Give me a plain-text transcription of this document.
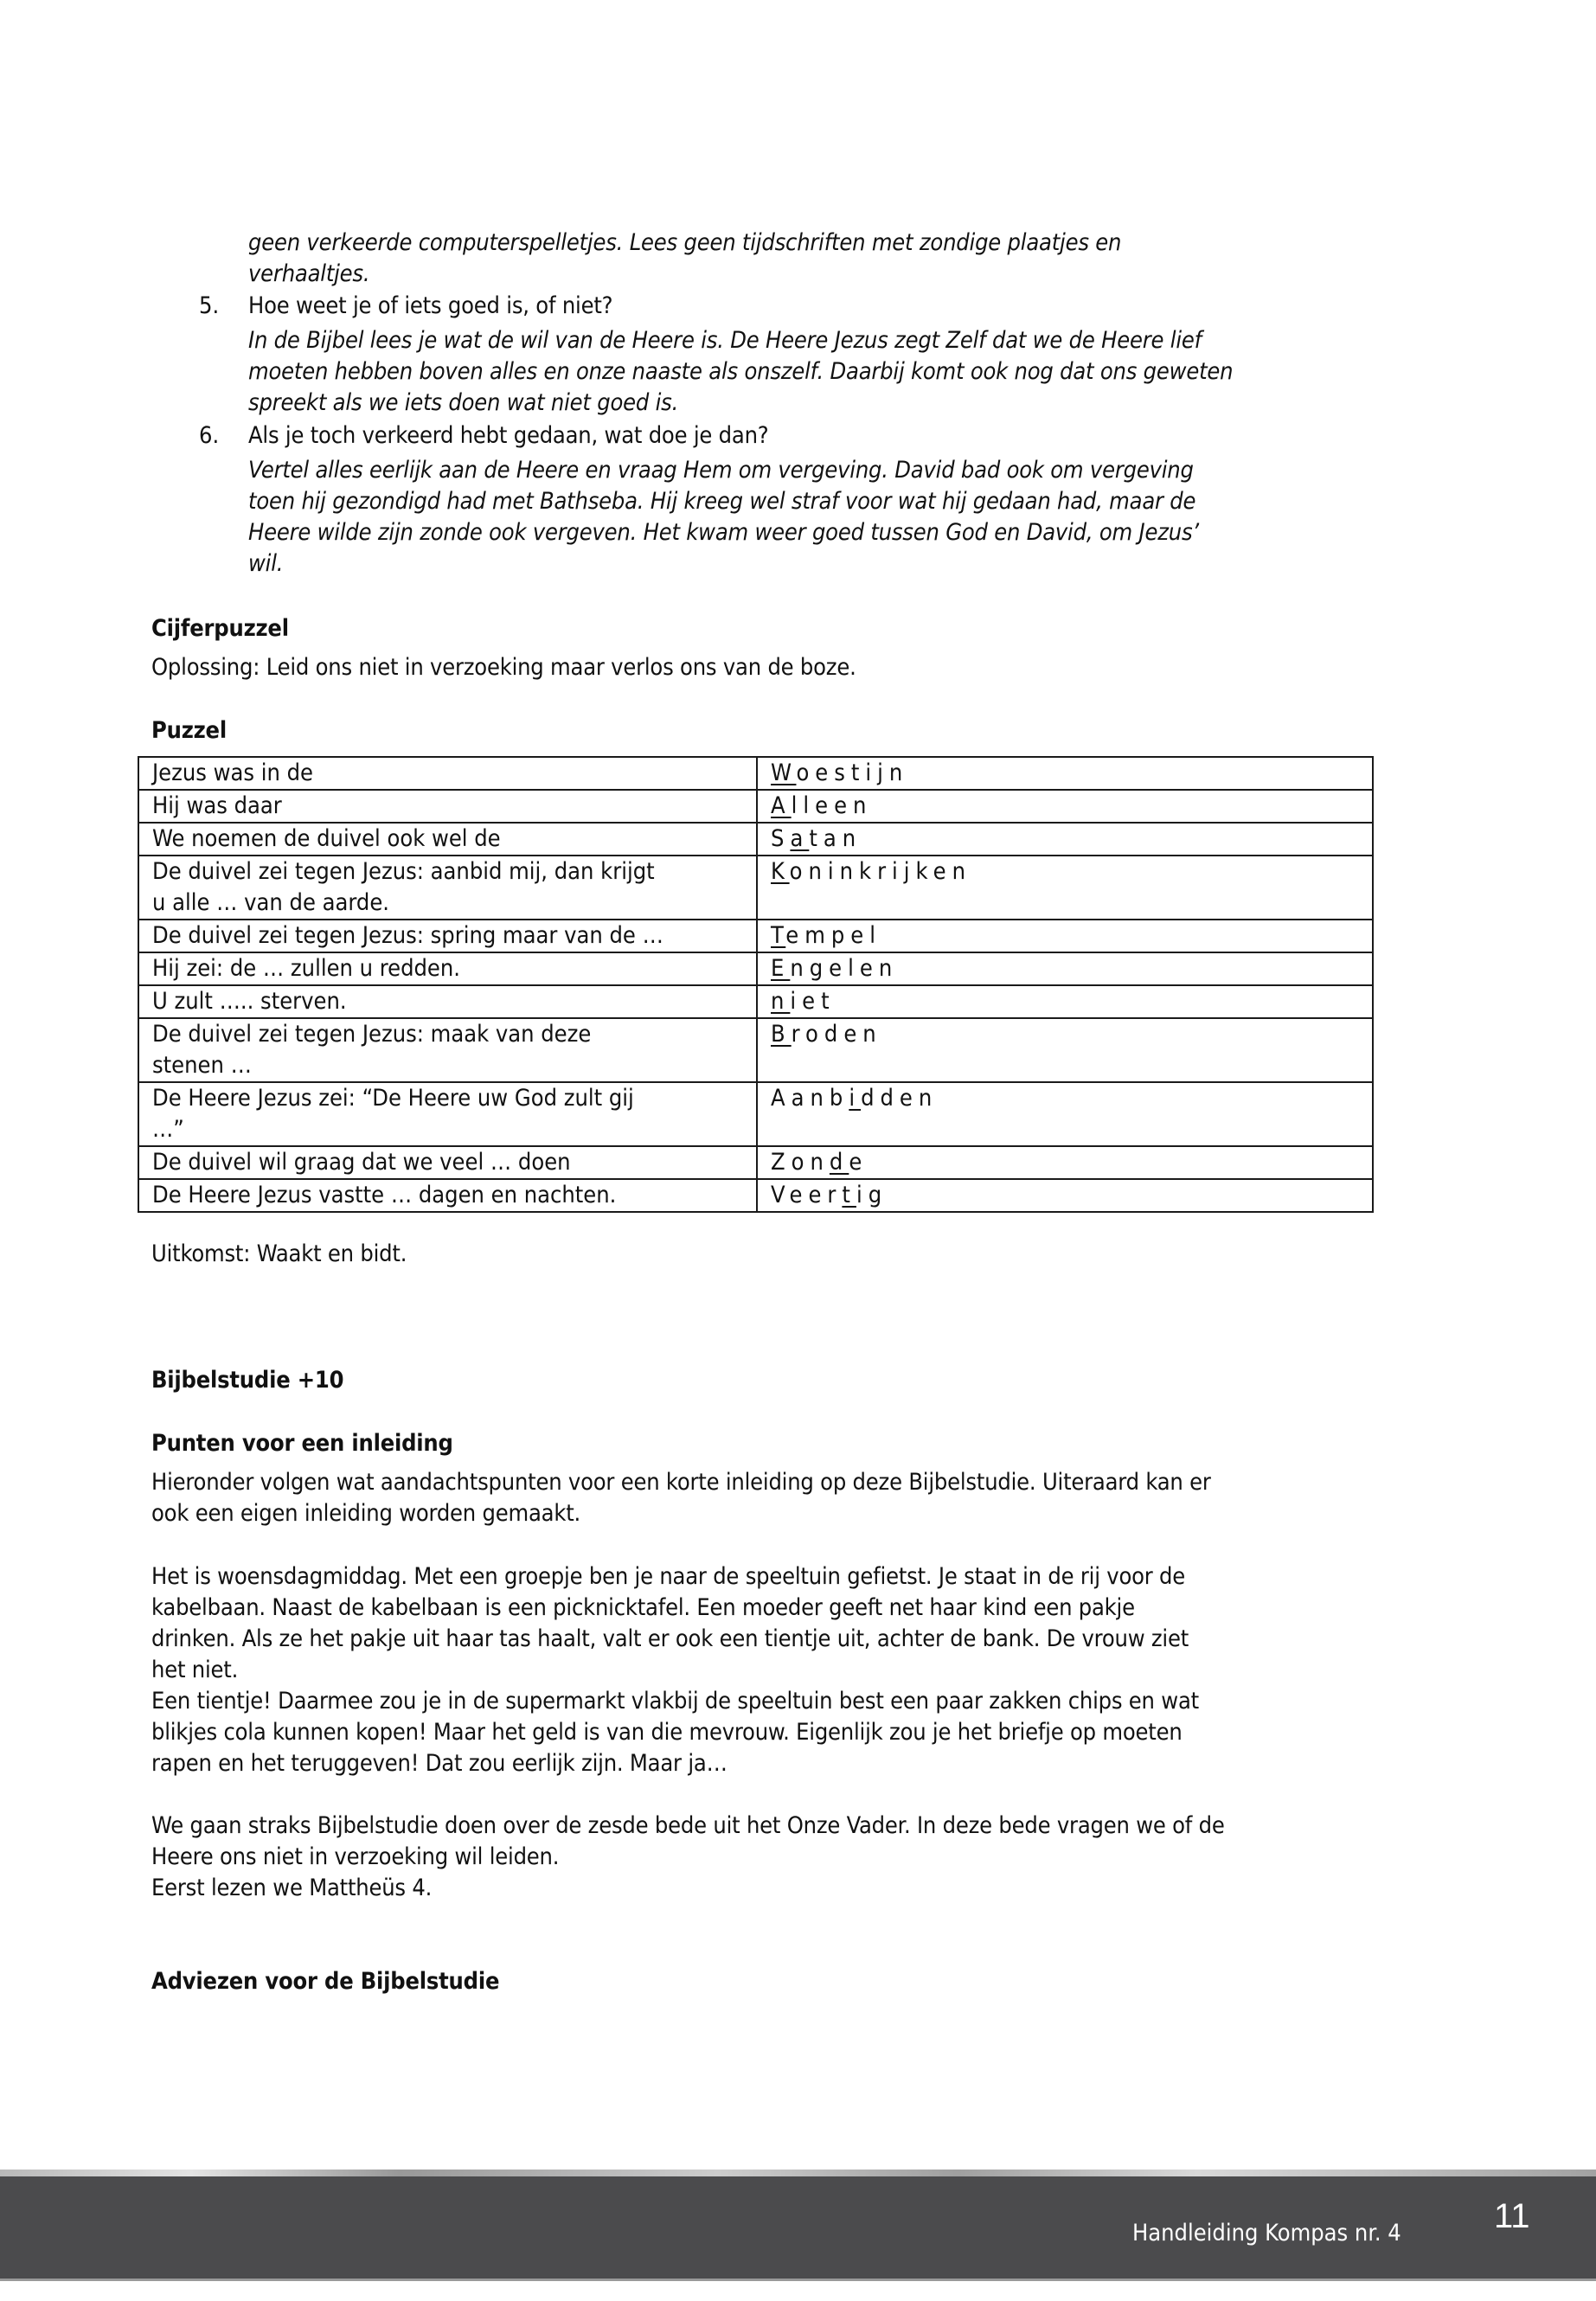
geen verkeerde computerspelletjes. Lees geen tijdschriften met zondige plaatjes en
verhaaltjes.
5. Hoe weet je of iets goed is, of niet?
In de Bijbel lees je wat de wil van de Heere is. De Heere Jezus zegt Zelf dat we de Heere lief
moeten hebben boven alles en onze naaste als onszelf. Daarbij komt ook nog dat ons geweten
spreekt als we iets doen wat niet goed is.
6. Als je toch verkeerd hebt gedaan, wat doe je dan?
Vertel alles eerlijk aan de Heere en vraag Hem om vergeving. David bad ook om vergeving
toen hij gezondigd had met Bathseba. Hij kreeg wel straf voor wat hij gedaan had, maar de
Heere wilde zijn zonde ook vergeven. Het kwam weer goed tussen God en David, om Jezus’
wil.
Cijferpuzzel
Oplossing: Leid ons niet in verzoeking maar verlos ons van de boze.
Puzzel
Jezus was in de	Woestijn
Hij was daar	Alleen
We noemen de duivel ook wel de	Satan
De duivel zei tegen Jezus: aanbid mij, dan krijgt
u alle … van de aarde.	Koninkrijken
De duivel zei tegen Jezus: spring maar van de …	Tempel
Hij zei: de … zullen u redden.	Engelen
U zult ….. sterven.	niet
De duivel zei tegen Jezus: maak van deze
stenen …	Broden
De Heere Jezus zei: “De Heere uw God zult gij
…”	Aanbidden
De duivel wil graag dat we veel … doen	Zonde
De Heere Jezus vastte … dagen en nachten.	Veertig
Uitkomst: Waakt en bidt.
Bijbelstudie +10
Punten voor een inleiding
Hieronder volgen wat aandachtspunten voor een korte inleiding op deze Bijbelstudie. Uiteraard kan er
ook een eigen inleiding worden gemaakt.
Het is woensdagmiddag. Met een groepje ben je naar de speeltuin gefietst. Je staat in de rij voor de
kabelbaan. Naast de kabelbaan is een picknicktafel. Een moeder geeft net haar kind een pakje
drinken. Als ze het pakje uit haar tas haalt, valt er ook een tientje uit, achter de bank. De vrouw ziet
het niet.
Een tientje! Daarmee zou je in de supermarkt vlakbij de speeltuin best een paar zakken chips en wat
blikjes cola kunnen kopen! Maar het geld is van die mevrouw. Eigenlijk zou je het briefje op moeten
rapen en het teruggeven! Dat zou eerlijk zijn. Maar ja…
We gaan straks Bijbelstudie doen over de zesde bede uit het Onze Vader. In deze bede vragen we of de
Heere ons niet in verzoeking wil leiden.
Eerst lezen we Mattheüs 4.
Adviezen voor de Bijbelstudie
Handleiding Kompas nr. 4	11
